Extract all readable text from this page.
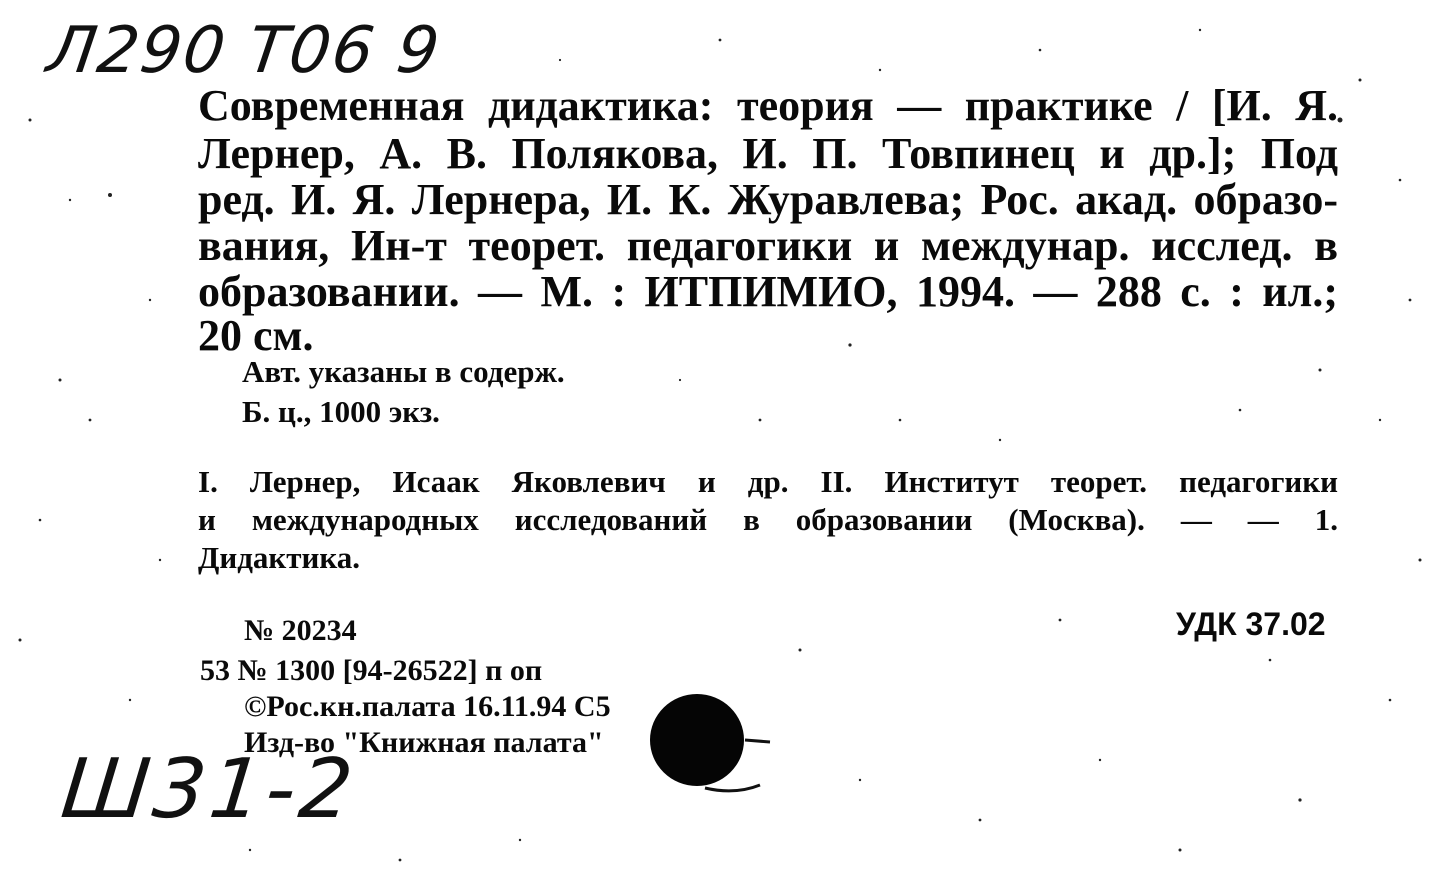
Л290 Т06 9
Современная дидактика: теория — практике / [И. Я.
Лернер, А. В. Полякова, И. П. Товпинец и др.]; Под
ред. И. Я. Лернера, И. К. Журавлева; Рос. акад. образо-
вания, Ин-т теорет. педагогики и междунар. исслед. в
образовании. — М. : ИТПИМИО, 1994. — 288 с. : ил.;
20 см.
Авт. указаны в содерж.
Б. ц., 1000 экз.
I. Лернер, Исаак Яковлевич и др. II. Институт теорет. педагогики
и международных исследований в образовании (Москва). — — 1.
Дидактика.
№ 20234	УДК 37.02
53 № 1300 [94-26522] п оп
©Рос.кн.палата 16.11.94 С5
Изд-во "Книжная палата"
Ш31-2
